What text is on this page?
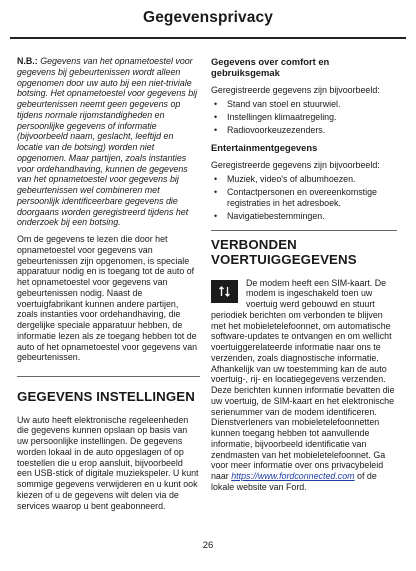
Gegevensprivacy

N.B.: Gegevens van het opnametoestel voor gegevens bij gebeurtenissen wordt alleen opgenomen door uw auto bij een niet-triviale botsing. Het opnametoestel voor gegevens bij gebeurtenissen neemt geen gegevens op tijdens normale rijomstandigheden en persoonlijke gegevens of informatie (bijvoorbeeld naam, geslacht, leeftijd en locatie van de botsing) worden niet opgenomen. Maar partijen, zoals instanties voor ordehandhaving, kunnen de gegevens van het opnametoestel voor gegevens bij gebeurtenissen wel combineren met persoonlijk identificeerbare gegevens die doorgaans worden geregistreerd tijdens het onderzoek bij een botsing.

Om de gegevens te lezen die door het opnametoestel voor gegevens van gebeurtenissen zijn opgenomen, is speciale apparatuur nodig en is toegang tot de auto of het opnametoestel voor gegevens van gebeurtenissen nodig. Naast de voertuigfabrikant kunnen andere partijen, zoals instanties voor ordehandhaving, die dergelijke speciale apparatuur hebben, de informatie lezen als ze toegang hebben tot de auto of het opnametoestel voor gegevens van gebeurtenissen.

GEGEVENS INSTELLINGEN

Uw auto heeft elektronische regeleenheden die gegevens kunnen opslaan op basis van uw persoonlijke instellingen. De gegevens worden lokaal in de auto opgeslagen of op toestellen die u erop aansluit, bijvoorbeeld een USB-stick of digitale muziekspeler. U kunt sommige gegevens verwijderen en u kunt ook kiezen of u de gegevens wilt delen via de services waarop u bent geabonneerd.

Gegevens over comfort en gebruiksgemak

Geregistreerde gegevens zijn bijvoorbeeld:

• Stand van stoel en stuurwiel.
• Instellingen klimaatregeling.
• Radiovoorkeuzezenders.
Entertainmentgegevens

Geregistreerde gegevens zijn bijvoorbeeld:

• Muziek, video's of albumhoezen.
• Contactpersonen en overeenkomstige registraties in het adresboek.
• Navigatiebestemmingen.
VERBONDEN VOERTUIGGEGEVENS

De modem heeft een SIM-kaart. De modem is ingeschakeld toen uw voertuig werd gebouwd en stuurt periodiek berichten om verbonden te blijven met het mobieletelefoonnet, om automatische software-updates te ontvangen en om wellicht voertuiggerelateerde informatie naar ons te verzenden, zoals diagnostische informatie. Afhankelijk van uw toestemming kan de auto voertuig-, rij- en locatiegegevens verzenden. Deze berichten kunnen informatie bevatten die uw voertuig, de SIM-kaart en het elektronische serienummer van de modem identificeren. Dienstverleners van mobieletelefoonnetten kunnen toegang hebben tot aanvullende informatie, bijvoorbeeld identificatie van zendmasten van het mobieletelefoonnet. Ga voor meer informatie over ons privacybeleid naar https://www.fordconnected.com of de lokale website van Ford.

26
